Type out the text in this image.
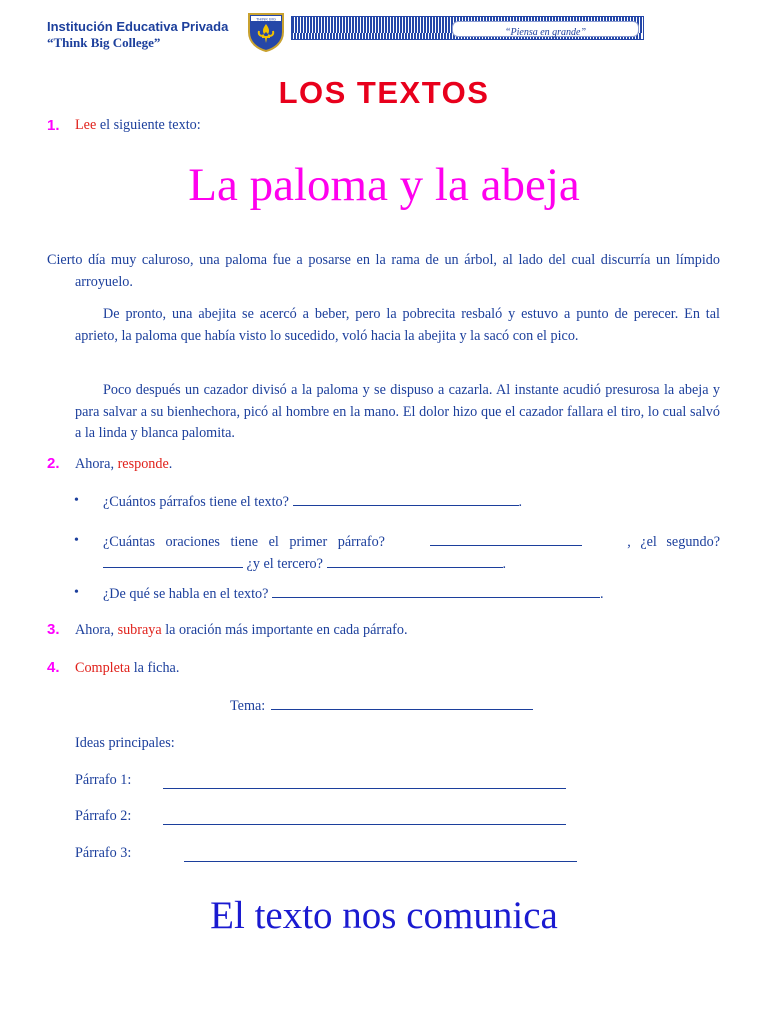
Institución Educativa Privada
“Think Big College”
THINK BIG
“Piensa en grande”
LOS TEXTOS
1. Lee el siguiente texto:
La paloma y la abeja
Cierto día muy caluroso, una paloma fue a posarse en la rama de un árbol, al lado del cual discurría un límpido arroyuelo.
De pronto, una abejita se acercó a beber, pero la pobrecita resbaló y estuvo a punto de perecer. En tal aprieto, la paloma que había visto lo sucedido, voló hacia la abejita y la sacó con el pico.
Poco después un cazador divisó a la paloma y se dispuso a cazarla. Al instante acudió presurosa la abeja y para salvar a su bienhechora, picó al hombre en la mano. El dolor hizo que el cazador fallara el tiro, lo cual salvó a la linda y blanca palomita.
2. Ahora, responde.
• ¿Cuántos párrafos tiene el texto?	.
• ¿Cuántas oraciones tiene el primer párrafo?	, ¿el segundo?
¿y el tercero?	.
• ¿De qué se habla en el texto?	.
3. Ahora, subraya la oración más importante en cada párrafo.
4. Completa la ficha.
Tema:
Ideas principales:
Párrafo 1:
Párrafo 2:
Párrafo 3:
El texto nos comunica
